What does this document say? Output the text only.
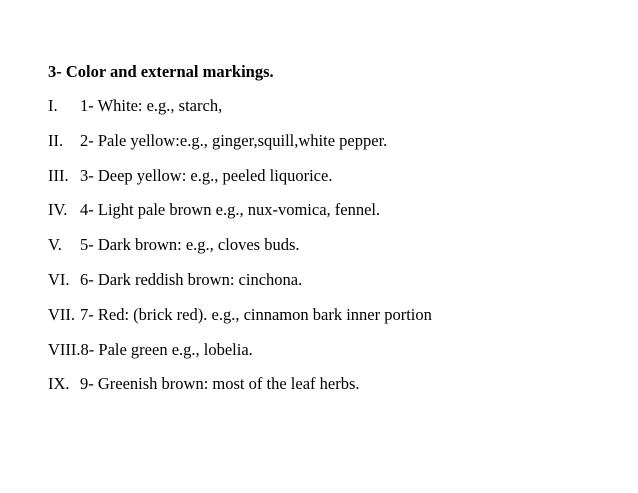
3- Color and external markings.
I. 1- White: e.g., starch,
II. 2- Pale yellow:e.g., ginger,squill,white pepper.
III. 3- Deep yellow: e.g., peeled liquorice.
IV. 4- Light pale brown e.g., nux-vomica, fennel.
V. 5- Dark brown: e.g., cloves buds.
VI. 6- Dark reddish brown: cinchona.
VII. 7- Red: (brick red). e.g., cinnamon bark inner portion
VIII.8- Pale green e.g., lobelia.
IX. 9- Greenish brown: most of the leaf herbs.
